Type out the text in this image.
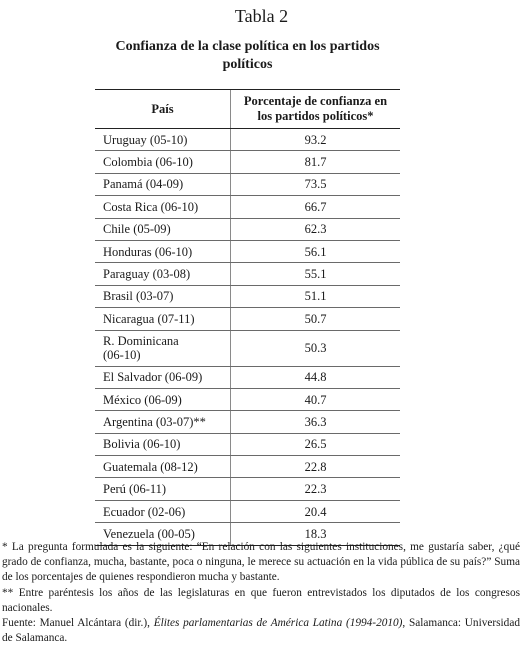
Tabla 2
Confianza de la clase política en los partidos políticos
País	Porcentaje de confianza en los partidos políticos*
Uruguay (05-10)	93.2
Colombia (06-10)	81.7
Panamá (04-09)	73.5
Costa Rica (06-10)	66.7
Chile (05-09)	62.3
Honduras (06-10)	56.1
Paraguay (03-08)	55.1
Brasil (03-07)	51.1
Nicaragua (07-11)	50.7
R. Dominicana (06-10)	50.3
El Salvador (06-09)	44.8
México (06-09)	40.7
Argentina (03-07)**	36.3
Bolivia (06-10)	26.5
Guatemala (08-12)	22.8
Perú (06-11)	22.3
Ecuador (02-06)	20.4
Venezuela (00-05)	18.3

* La pregunta formulada es la siguiente: “En relación con las siguientes instituciones, me gustaría saber, ¿qué grado de confianza, mucha, bastante, poca o ninguna, le merece su actuación en la vida pública de su país?” Suma de los porcentajes de quienes respondieron mucha y bastante.

** Entre paréntesis los años de las legislaturas en que fueron entrevistados los diputados de los congresos nacionales.

Fuente: Manuel Alcántara (dir.), Élites parlamentarias de América Latina (1994-2010), Salamanca: Universidad de Salamanca.
